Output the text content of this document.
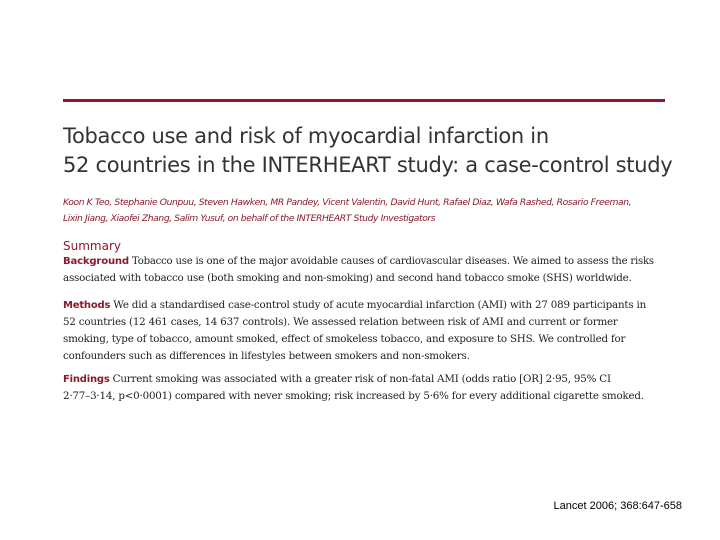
Tobacco use and risk of myocardial infarction in
52 countries in the INTERHEART study: a case-control study
Koon K Teo, Stephanie Ounpuu, Steven Hawken, MR Pandey, Vicent Valentin, David Hunt, Rafael Diaz, Wafa Rashed, Rosario Freeman,
Lixin Jiang, Xiaofei Zhang, Salim Yusuf, on behalf of the INTERHEART Study Investigators
Summary
Background Tobacco use is one of the major avoidable causes of cardiovascular diseases. We aimed to assess the risks
associated with tobacco use (both smoking and non-smoking) and second hand tobacco smoke (SHS) worldwide.
Methods We did a standardised case-control study of acute myocardial infarction (AMI) with 27 089 participants in
52 countries (12 461 cases, 14 637 controls). We assessed relation between risk of AMI and current or former
smoking, type of tobacco, amount smoked, effect of smokeless tobacco, and exposure to SHS. We controlled for
confounders such as differences in lifestyles between smokers and non-smokers.
Findings Current smoking was associated with a greater risk of non-fatal AMI (odds ratio [OR] 2·95, 95% CI
2·77–3·14, p<0·0001) compared with never smoking; risk increased by 5·6% for every additional cigarette smoked.
Lancet 2006; 368:647-658
